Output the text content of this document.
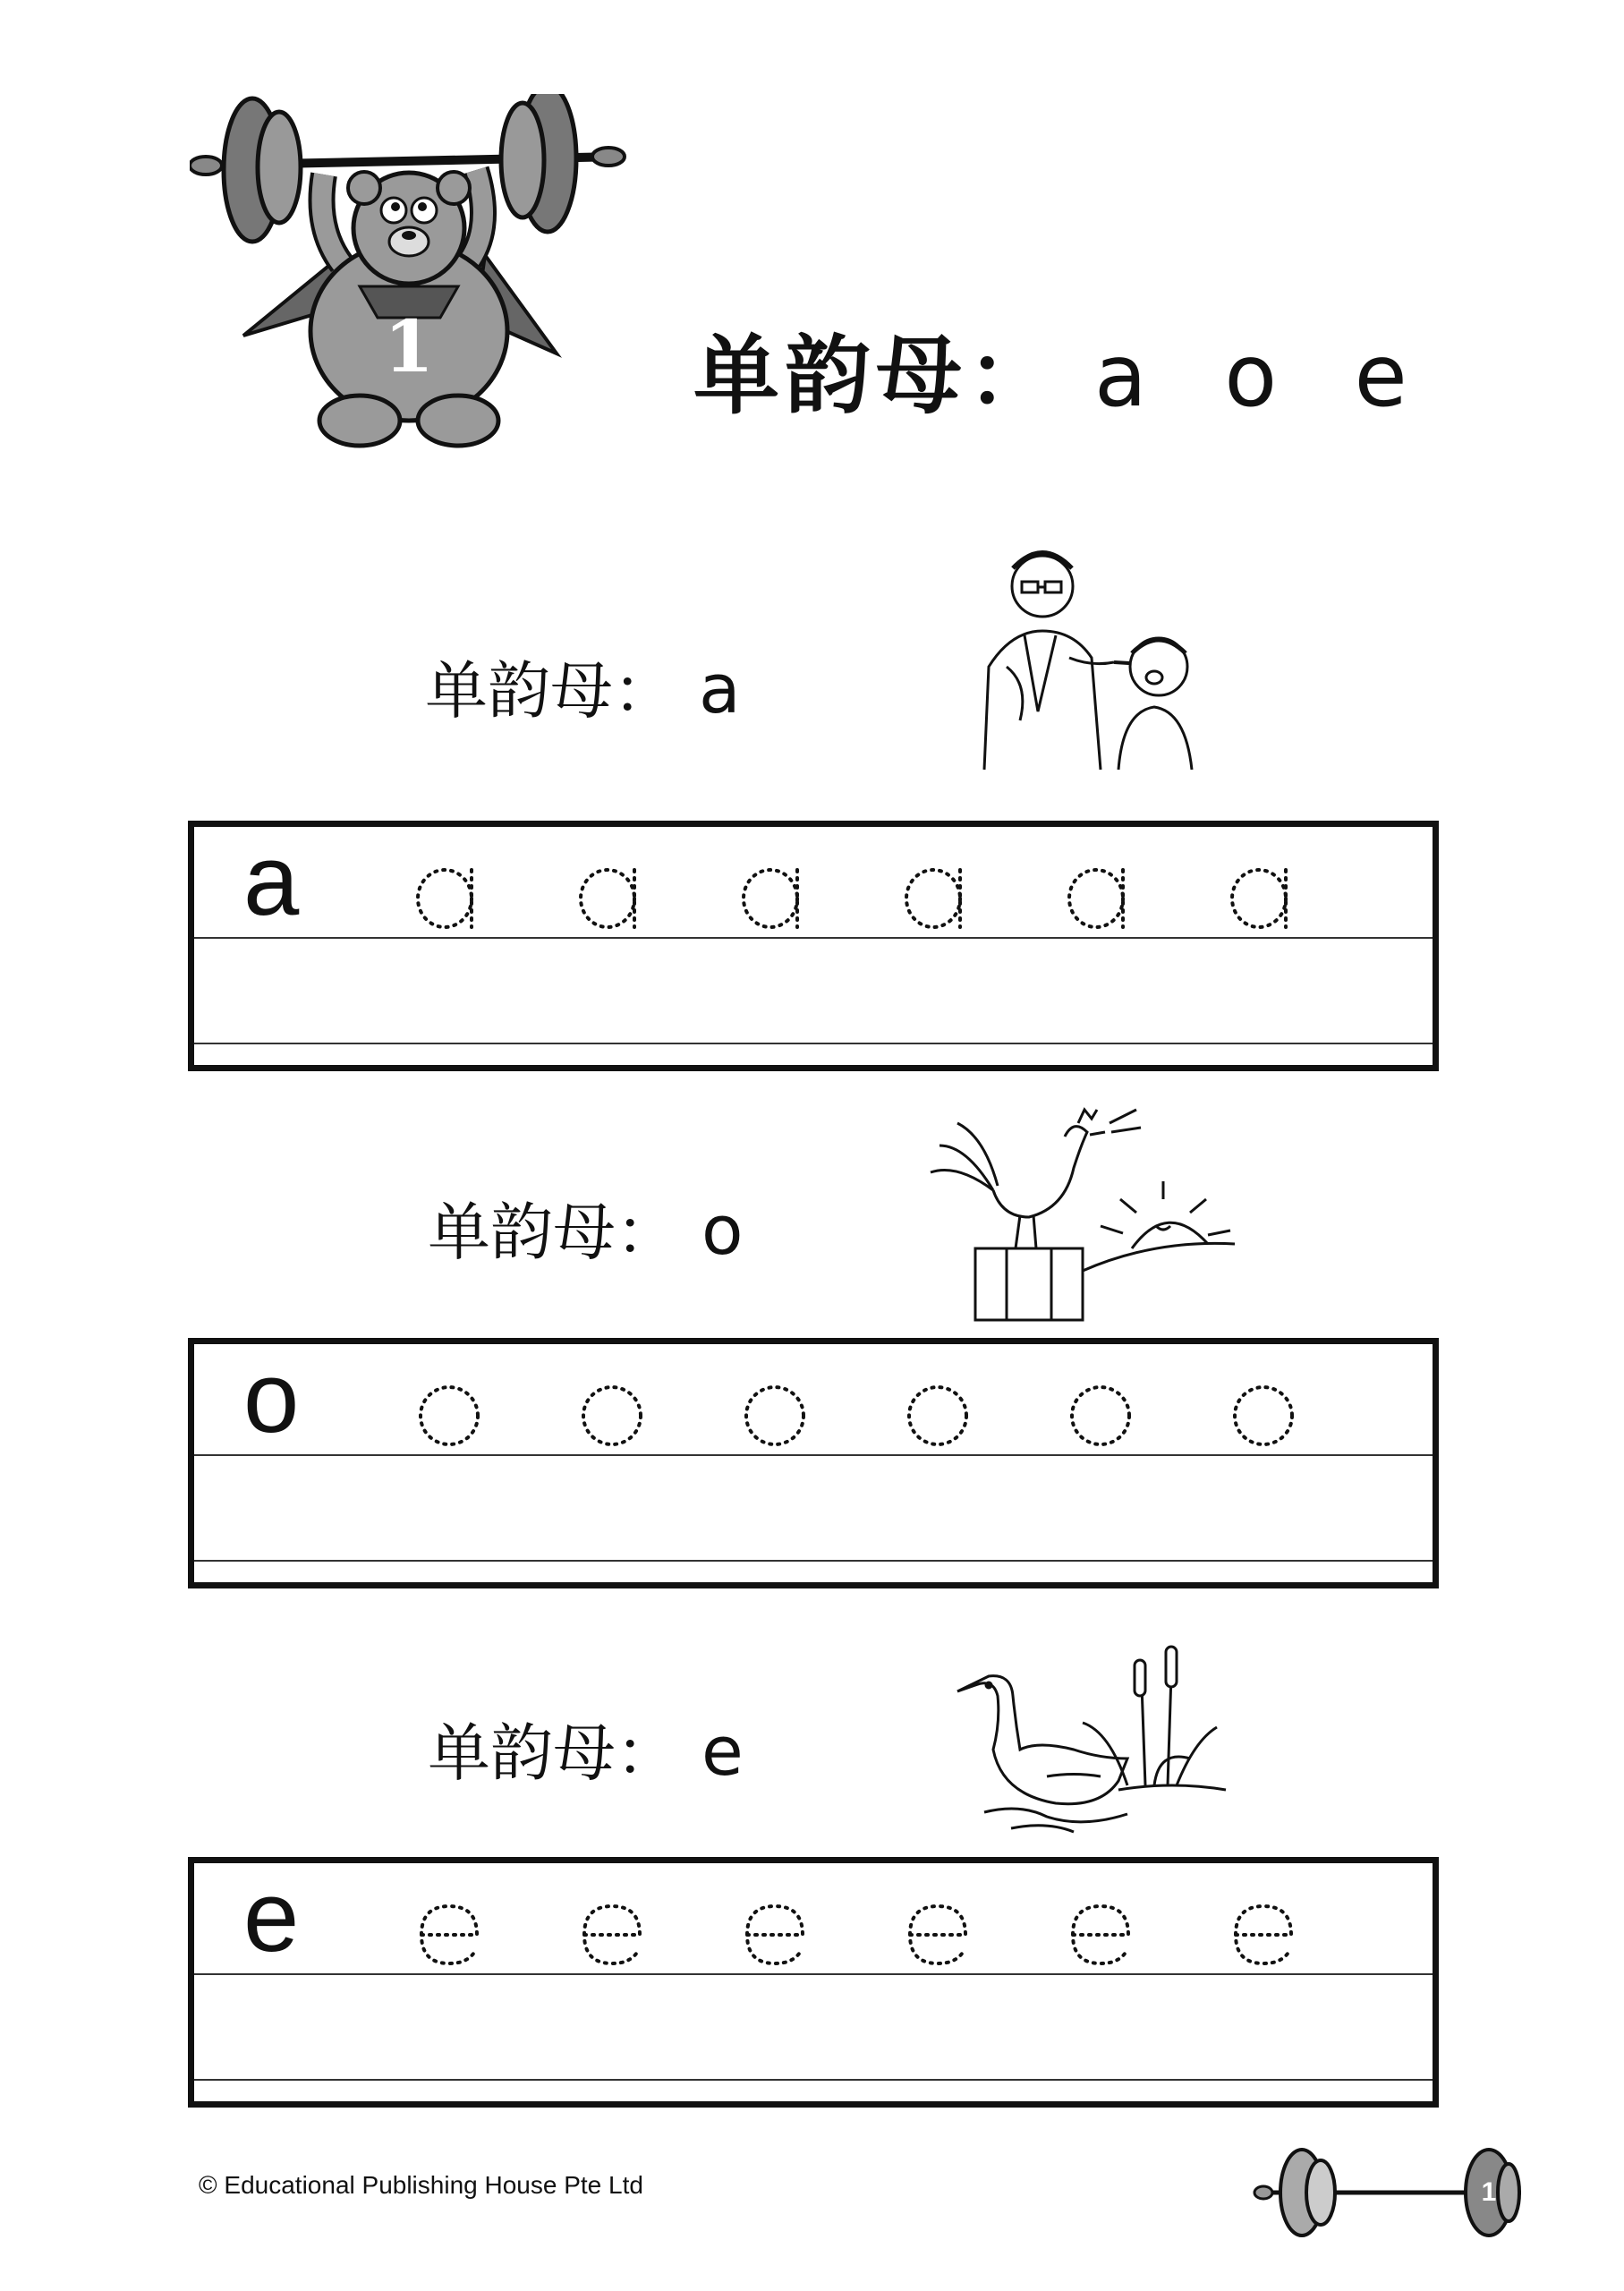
1	单韵母： a o e
单韵母： a
a
单韵母： o
o
单韵母： e
e
© Educational Publishing House Pte Ltd	1
